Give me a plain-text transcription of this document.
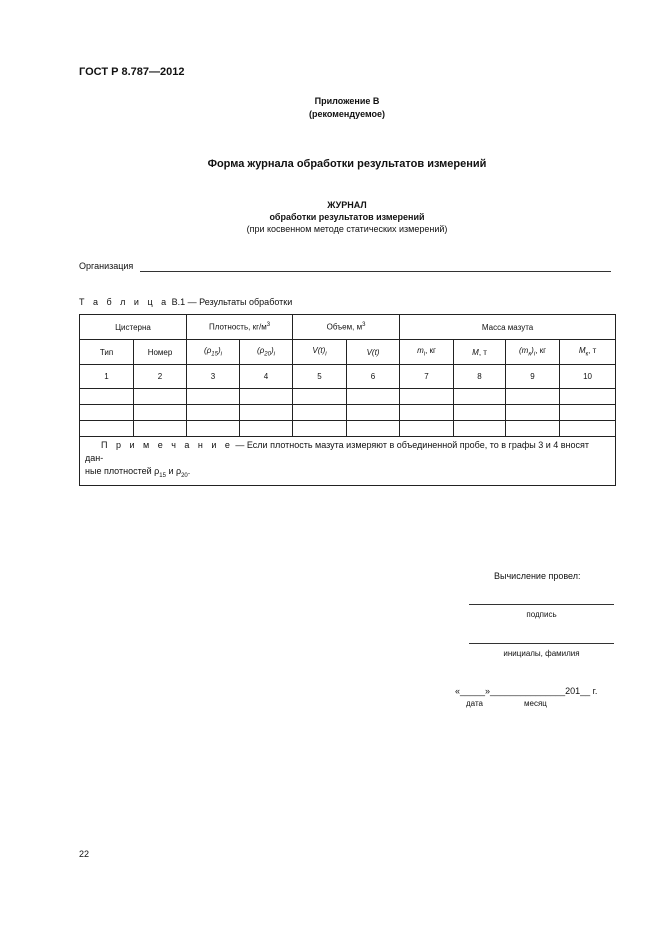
ГОСТ Р 8.787—2012
Приложение В
(рекомендуемое)
Форма журнала обработки результатов измерений
ЖУРНАЛ
обработки результатов измерений
(при косвенном методе статических измерений)
Организация
Т а б л и ц а В.1 — Результаты обработки
Цистерна		Плотность, $кг/м^3$		Объем, $м^3$		Масса мазута			
Тип	Номер	$(\rho_{15})_i$	$(\rho_{20})_i$	$V(t)_i$	V(t)	$m_i$, кг	M, т	$(m_к)_i$, кг	$M_к$, т
1	2	3	4	5	6	7	8	9	10

П р и м е ч а н и е — Если плотность мазута измеряют в объединенной пробе, то в графы 3 и 4 вносят дан-
ные плотностей $\rho_{15}$ и $\rho_{20}$.									
Вычисление провел:
подпись
инициалы, фамилия
«_____»_______________201__ г.
дата	месяц
22
